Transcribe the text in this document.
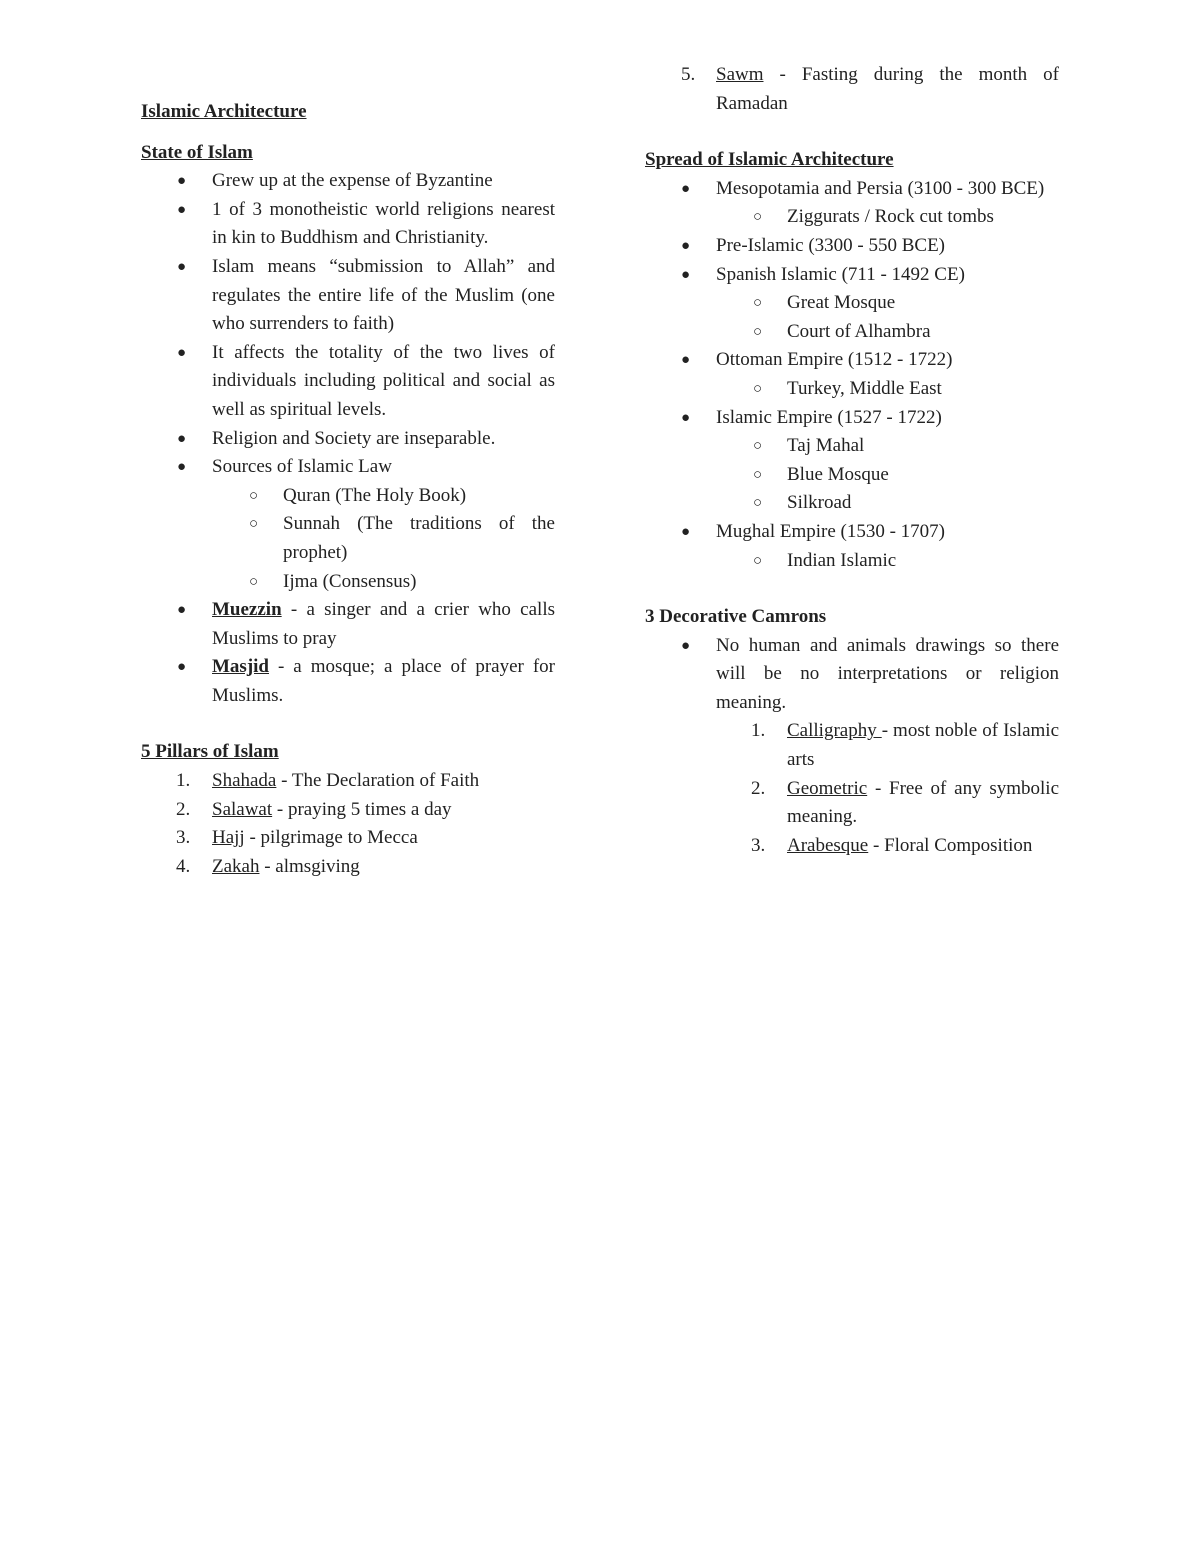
Islamic Architecture
State of Islam
● Grew up at the expense of Byzantine
● 1 of 3 monotheistic world religions nearest in kin to Buddhism and Christianity.
● Islam means “submission to Allah” and regulates the entire life of the Muslim (one who surrenders to faith)
● It affects the totality of the two lives of individuals including political and social as well as spiritual levels.
● Religion and Society are inseparable.
● Sources of Islamic Law
○ Quran (The Holy Book)
○ Sunnah (The traditions of the prophet)
○ Ijma (Consensus)
● Muezzin - a singer and a crier who calls Muslims to pray
● Masjid - a mosque; a place of prayer for Muslims.
5 Pillars of Islam
1. Shahada - The Declaration of Faith
2. Salawat - praying 5 times a day
3. Hajj - pilgrimage to Mecca
4. Zakah - almsgiving
5. Sawm - Fasting during the month of Ramadan
Spread of Islamic Architecture
● Mesopotamia and Persia (3100 - 300 BCE)
○ Ziggurats / Rock cut tombs
● Pre-Islamic (3300 - 550 BCE)
● Spanish Islamic (711 - 1492 CE)
○ Great Mosque
○ Court of Alhambra
● Ottoman Empire (1512 - 1722)
○ Turkey, Middle East
● Islamic Empire (1527 - 1722)
○ Taj Mahal
○ Blue Mosque
○ Silkroad
● Mughal Empire (1530 - 1707)
○ Indian Islamic
3 Decorative Camrons
● No human and animals drawings so there will be no interpretations or religion meaning.
1. Calligraphy - most noble of Islamic arts
2. Geometric - Free of any symbolic meaning.
3. Arabesque - Floral Composition
